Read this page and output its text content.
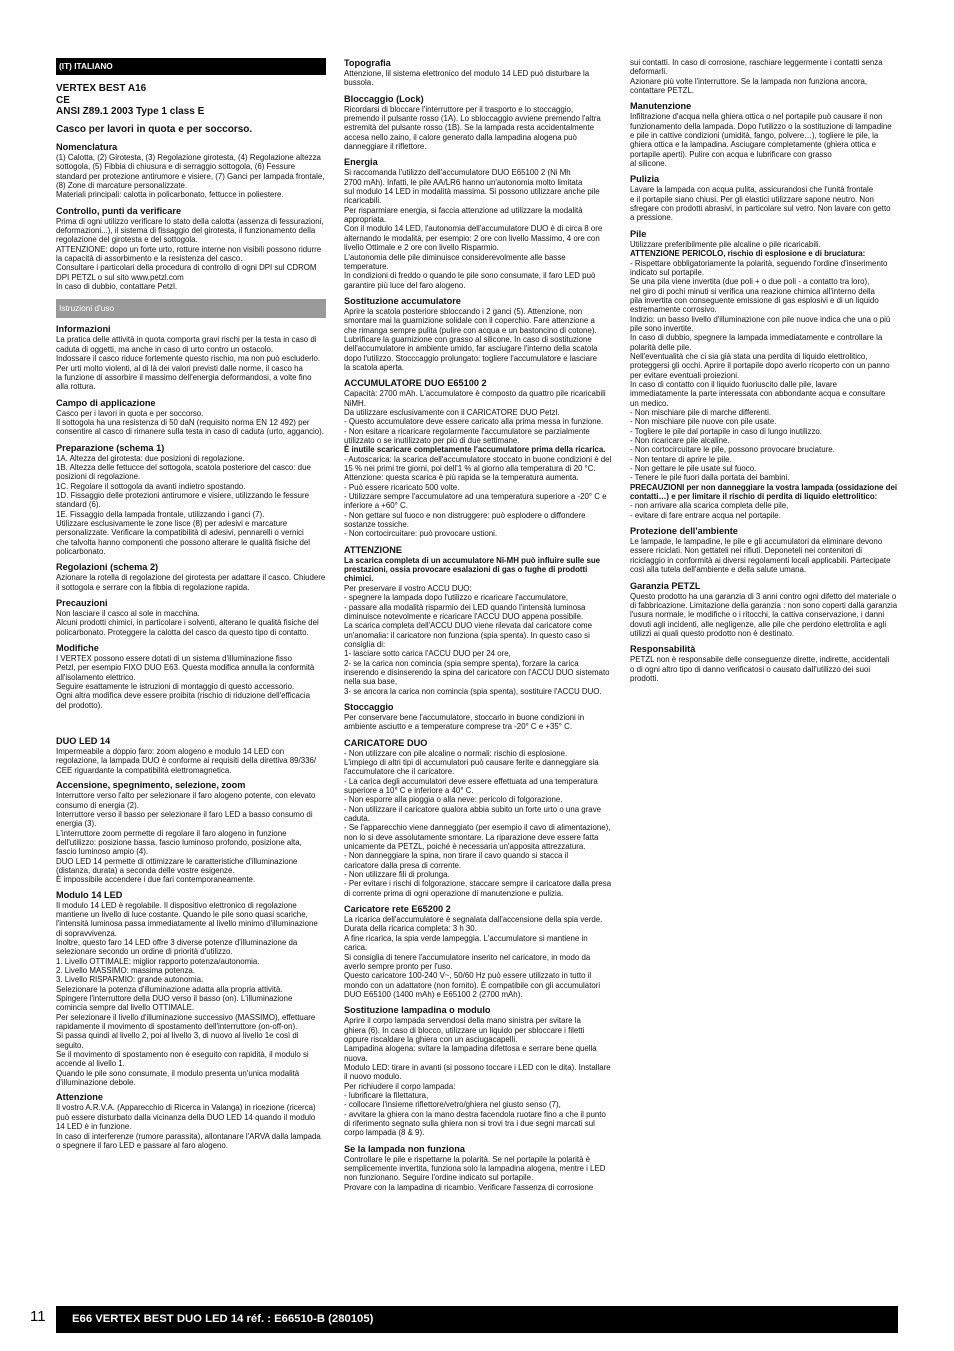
(IT) ITALIANO

VERTEX BEST A16

CE

ANSI Z89.1 2003 Type 1 class E

Casco per lavori in quota e per soccorso.

Nomenclatura

(1) Calotta, (2) Girotesta, (3) Regolazione girotesta, (4) Regolazione altezza
sottogola, (5) Fibbia di chiusura e di serraggio sottogola, (6) Fessure
standard per protezione antirumore e visiere, (7) Ganci per lampada frontale,
(8) Zone di marcature personalizzate.
Materiali principali: calotta in policarbonato, fettucce in poliestere.

Controllo, punti da verificare

Prima di ogni utilizzo verificare lo stato della calotta (assenza di fessurazioni,
deformazioni...), il sistema di fissaggio del girotesta, il funzionamento della
regolazione del girotesta e del sottogola.
ATTENZIONE: dopo un forte urto, rotture interne non visibili possono ridurre
la capacità di assorbimento e la resistenza del casco.
Consultare i particolari della procedura di controllo di ogni DPI sul CDROM
DPI PETZL o sul sito www.petzl.com
In caso di dubbio, contattare Petzl.

Istruzioni d'uso
Informazioni

La pratica delle attività in quota comporta gravi rischi per la testa in caso di
caduta di oggetti, ma anche in caso di urto contro un ostacolo.
Indossare il casco riduce fortemente questo rischio, ma non può escluderlo.
Per urti molto violenti, al di là dei valori previsti dalle norme, il casco ha
la funzione di assorbire il massimo dell'energia deformandosi, a volte fino
alla rottura.

Campo di applicazione

Casco per i lavori in quota e per soccorso.
Il sottogola ha una resistenza di 50 daN (requisito norma EN 12 492) per
consentire al casco di rimanere sulla testa in caso di caduta (urto, aggancio).

Preparazione (schema 1)

1A. Altezza del girotesta: due posizioni di regolazione.
1B. Altezza delle fettucce del sottogola, scatola posteriore del casco: due
posizioni di regolazione.
1C. Regolare il sottogola da avanti indietro spostando.
1D. Fissaggio delle protezioni antirumore e visiere, utilizzando le fessure
standard (6).
1E. Fissaggio della lampada frontale, utilizzando i ganci (7).
Utilizzare esclusivamente le zone lisce (8) per adesivi e marcature
personalizzate. Verificare la compatibilità di adesivi, pennarelli o vernici
che talvolta hanno componenti che possono alterare le qualità fisiche del
policarbonato.

Regolazioni (schema 2)

Azionare la rotella di regolazione del girotesta per adattare il casco. Chiudere
il sottogola e serrare con la fibbia di regolazione rapida.

Precauzioni

Non lasciare il casco al sole in macchina.
Alcuni prodotti chimici, in particolare i solventi, alterano le qualità fisiche del
policarbonato. Proteggere la calotta del casco da questo tipo di contatto.

Modifiche

I VERTEX possono essere dotati di un sistema d'illuminazione fisso
Petzl, per esempio FIXO DUO E63. Questa modifica annulla la conformità
all'isolamento elettrico.
Seguire esattamente le istruzioni di montaggio di questo accessorio.
Ogni altra modifica deve essere proibita (rischio di riduzione dell'efficacia
del prodotto).

DUO LED 14

Impermeabile a doppio faro: zoom alogeno e modulo 14 LED con
regolazione, la lampada DUO è conforme ai requisiti della direttiva 89/336/
CEE riguardante la compatibilità elettromagnetica.

Accensione, spegnimento, selezione, zoom

Interruttore verso l'alto per selezionare il faro alogeno potente, con elevato
consumo di energia (2).
Interruttore verso il basso per selezionare il faro LED a basso consumo di
energia (3).
L'interruttore zoom permette di regolare il faro alogeno in funzione
dell'utilizzo: posizione bassa, fascio luminoso profondo, posizione alta,
fascio luminoso ampio (4).
DUO LED 14 permette di ottimizzare le caratteristiche d'illuminazione
(distanza, durata) a seconda delle vostre esigenze.
È impossibile accendere i due fari contemporaneamente.

Modulo 14 LED

Il modulo 14 LED è regolabile. Il dispositivo elettronico di regolazione
mantiene un livello di luce costante. Quando le pile sono quasi scariche,
l'intensità luminosa passa immediatamente al livello minimo d'illuminazione
di sopravvivenza.
Inoltre, questo faro 14 LED offre 3 diverse potenze d'illuminazione da
selezionare secondo un ordine di priorità d'utilizzo.
1. Livello OTTIMALE: miglior rapporto potenza/autonomia.
2. Livello MASSIMO: massima potenza.
3. Livello RISPARMIO: grande autonomia.
Selezionare la potenza d'illuminazione adatta alla propria attività.
Spingere l'interruttore della DUO verso il basso (on). L'illuminazione
comincia sempre dal livello OTTIMALE.
Per selezionare il livello d'illuminazione successivo (MASSIMO), effettuare
rapidamente il movimento di spostamento dell'interruttore (on-off-on).
Si passa quindi al livello 2, poi al livello 3, di nuovo al livello 1e così di
seguito.
Se il movimento di spostamento non è eseguito con rapidità, il modulo si
accende al livello 1.
Quando le pile sono consumate, il modulo presenta un'unica modalità
d'illuminazione debole.

Attenzione

Il vostro A.R.V.A. (Apparecchio di Ricerca in Valanga) in ricezione (ricerca)
può essere disturbato dalla vicinanza della DUO LED 14 quando il modulo
14 LED è in funzione.
In caso di interferenze (rumore parassita), allontanare l'ARVA dalla lampada
o spegnere il faro LED e passare al faro alogeno.

Topografia

Attenzione, lil sistema elettronico del modulo 14 LED può disturbare la
bussola.

Bloccaggio (Lock)

Ricordarsi di bloccare l'interruttore per il trasporto e lo stoccaggio,
premendo il pulsante rosso (1A). Lo sbloccaggio avviene premendo l'altra
estremità del pulsante rosso (1B). Se la lampada resta accidentalmente
accesa nello zaino, il calore generato dalla lampadina alogena può
danneggiare il riflettore.

Energia

Si raccomanda l'utilizzo dell'accumulatore DUO E65100 2 (Ni Mh
2700 mAh). Infatti, le pile AA/LR6 hanno un'autonomia molto limitata
sul modulo 14 LED in modalità massima. Si possono utilizzare anche pile
ricaricabili.
Per risparmiare energia, si faccia attenzione ad utilizzare la modalità
appropriata.
Con il modulo 14 LED, l'autonomia dell'accumulatore DUO è di circa 8 ore
alternando le modalità, per esempio: 2 ore con livello Massimo, 4 ore con
livello Ottimale e 2 ore con livello Risparmio.
L'autonomia delle pile diminuisce considerevolmente alle basse temperature.
In condizioni di freddo o quando le pile sono consumate, il faro LED può
garantire più luce del faro alogeno.

Sostituzione accumulatore

Aprire la scatola posteriore sbloccando i 2 ganci (5). Attenzione, non
smontare mai la guarnizione solidale con il coperchio. Fare attenzione a
che rimanga sempre pulita (pulire con acqua e un bastoncino di cotone).
Lubrificare la guarnizione con grasso al silicone. In caso di sostituzione
dell'accumulatore in ambiente umido, far asciugare l'interno della scatola
dopo l'utilizzo. Stocccaggio prolungato: togliere l'accumulatore e lasciare
la scatola aperta.

ACCUMULATORE DUO E65100 2

Capacità: 2700 mAh. L'accumulatore è composto da quattro pile ricaricabili
NiMH.
Da utilizzare esclusivamente con il CARICATORE DUO Petzl.
- Questo accumulatore deve essere caricato alla prima messa in funzione.
- Non esitare a ricaricare regolarmente l'accumulatore se parzialmente
utilizzato o se inutilizzato per più di due settimane.

È inutile scaricare completamente l'accumulatore prima della ricarica.

- Autoscarica: la scarica dell'accumulatore stoccato in buone condizioni è del
15 % nei primi tre giorni, poi dell'1 % al giorno alla temperatura di 20 °C.
Attenzione: questa scarica è più rapida se la temperatura aumenta.
- Può essere ricaricato 500 volte.
- Utilizzare sempre l'accumulatore ad una temperatura superiore a -20° C e
inferiore a +60° C.
- Non gettare sul fuoco e non distruggere: può esplodere o diffondere
sostanze tossiche.
- Non cortocircuitare: può provocare ustioni.

ATTENZIONE

La scarica completa di un accumulatore Ni-MH può influire sulle sue
prestazioni, ossia provocare esalazioni di gas o fughe di prodotti chimici.

Per preservare il vostro ACCU DUO:
- spegnere la lampada dopo l'utilizzo e ricaricare l'accumulatore,
- passare alla modalità risparmio dei LED quando l'intensità luminosa
diminuisce notevolmente e ricaricare l'ACCU DUO appena possibile.
La scarica completa dell'ACCU DUO viene rilevata dal caricatore come
un'anomalia: il caricatore non funziona (spia spenta). In questo caso si
consiglia di:
1- lasciare sotto carica l'ACCU DUO per 24 ore,
2- se la carica non comincia (spia sempre spenta), forzare la carica
inserendo e disinserendo la spina del caricatore con l'ACCU DUO sistemato
nella sua base,
3- se ancora la carica non comincia (spia spenta), sostituire l'ACCU DUO.

Stoccaggio

Per conservare bene l'accumulatore, stoccarlo in buone condizioni in
ambiente asciutto e a temperature comprese tra -20° C e +35° C.

CARICATORE DUO

- Non utilizzare con pile alcaline o normali: rischio di esplosione.
L'impiego di altri tipi di accumulatori può causare ferite e danneggiare sia
l'accumulatore che il caricatore.
- La carica degli accumulatori deve essere effettuata ad una temperatura
superiore a 10° C e inferiore a 40° C.
- Non esporre alla pioggia o alla neve: pericolo di folgorazione.
- Non utilizzare il caricatore qualora abbia subito un forte urto o una grave
caduta.
- Se l'apparecchio viene danneggiato (per esempio il cavo di alimentazione),
non lo si deve assolutamente smontare. La riparazione deve essere fatta
unicamente da PETZL, poiché è necessaria un'apposita attrezzatura.
- Non danneggiare la spina, non tirare il cavo quando si stacca il
caricatore dalla presa di corrente.
- Non utilizzare fili di prolunga.
- Per evitare i rischi di folgorazione, staccare sempre il caricatore dalla presa
di corrente prima di ogni operazione di manutenzione e pulizia.

Caricatore rete E65200 2

La ricarica dell'accumulatore è segnalata dall'accensione della spia verde.
Durata della ricarica completa: 3 h 30.
A fine ricarica, la spia verde lampeggia. L'accumulatore si mantiene in carica.
Si consiglia di tenere l'accumulatore inserito nel caricatore, in modo da
averlo sempre pronto per l'uso.
Questo caricatore 100-240 V~, 50/60 Hz può essere utilizzato in tutto il
mondo con un adattatore (non fornito). È compatibile con gli accumulatori
DUO E65100 (1400 mAh) e E65100 2 (2700 mAh).

Sostituzione lampadina o modulo

Aprire il corpo lampada servendosi della mano sinistra per svitare la
ghiera (6). In caso di blocco, utilizzare un liquido per sbloccare i filetti
oppure riscaldare la ghiera con un asciugacapelli.
Lampadina alogena: svitare la lampadina difettosa e serrare bene quella
nuova.
Modulo LED: tirare in avanti (si possono toccare i LED con le dita). Installare
il nuovo modulo.
Per richiudere il corpo lampada:
- lubrificare la filettatura,
- collocare l'insieme riflettore/vetro/ghiera nel giusto senso (7),
- avvitare la ghiera con la mano destra facendola ruotare fino a che il punto
di riferimento segnato sulla ghiera non si trovi tra i due segni marcati sul
corpo lampada (8 & 9).

Se la lampada non funziona

Controllare le pile e rispettarne la polarità. Se nel portapile la polarità è
semplicemente invertita, funziona solo la lampadina alogena, mentre i LED
non funzionano. Seguire l'ordine indicato sul portapile.
Provare con la lampadina di ricambio. Verificare l'assenza di corrosione

sui contatti. In caso di corrosione, raschiare leggermente i contatti senza
deformarli.
Azionare più volte l'interruttore. Se la lampada non funziona ancora,
contattare PETZL.

Manutenzione

Infiltrazione d'acqua nella ghiera ottica o nel portapile può causare il non
funzionamento della lampada. Dopo l'utilizzo o la sostituzione di lampadine
e pile in cattive condizioni (umidità, fango, polvere…), togliere le pile, la
ghiera ottica e la lampadina. Asciugare completamente (ghiera ottica e
portapile aperti). Pulire con acqua e lubrificare con grasso
al silicone.

Pulizia

Lavare la lampada con acqua pulita, assicurandosi che l'unità frontale
e il portapile siano chiusi. Per gli elastici utilizzare sapone neutro. Non
sfregare con prodotti abrasivi, in particolare sul vetro. Non lavare con getto
a pressione.

Pile

Utilizzare preferibilmente pile alcaline o pile ricaricabili.

ATTENZIONE PERICOLO, rischio di esplosione e di bruciatura:

- Rispettare obbligatoriamente la polarità, seguendo l'ordine d'inserimento
indicato sul portapile.
Se una pila viene invertita (due poli + o due poli - a contatto tra loro),
nel giro di pochi minuti si verifica una reazione chimica all'interno della
pila invertita con conseguente emissione di gas esplosivi e di un liquido
estremamente corrosivo.
Indizio: un basso livello d'illuminazione con pile nuove indica che una o più
pile sono invertite.
In caso di dubbio, spegnere la lampada immediatamente e controllare la
polarità delle pile.
Nell'eventualità che ci sia già stata una perdita di liquido elettrolitico,
proteggersi gli occhi. Aprire il portapile dopo averlo ricoperto con un panno
per evitare eventuali proiezioni.
In caso di contatto con il liquido fuoriuscito dalle pile, lavare
immediatamente la parte interessata con abbondante acqua e consultare
un medico.
- Non mischiare pile di marche differenti.
- Non mischiare pile nuove con pile usate.
- Togliere le pile dal portapile in caso di lungo inutilizzo.
- Non ricaricare pile alcaline.
- Non cortocircuitare le pile, possono provocare bruciature.
- Non tentare di aprire le pile.
- Non gettare le pile usate sul fuoco.
- Tenere le pile fuori dalla portata dei bambini.

PRECAUZIONI per non danneggiare la vostra lampada (ossidazione dei
contatti…) e per limitare il rischio di perdita di liquido elettrolitico:

- non arrivare alla scarica completa delle pile,
- evitare di fare entrare acqua nel portapile.

Protezione dell'ambiente

Le lampade, le lampadine, le pile e gli accumulatori da eliminare devono
essere riciclati. Non gettateli nei rifiuti. Deponeteli nei contenitori di
riciclaggio in conformità ai diversi regolamenti locali applicabili. Partecipate
così alla tutela dell'ambiente e della salute umana.

Garanzia PETZL

Questo prodotto ha una garanzia di 3 anni contro ogni difetto del materiale o
di fabbricazione. Limitazione della garanzia : non sono coperti dalla garanzia
l'usura normale, le modifiche o i ritocchi, la cattiva conservazione, i danni
dovuti agli incidenti, alle negligenze, alle pile che perdono elettrolita e agli
utilizzi ai quali questo prodotto non è destinato.

Responsabilità

PETZL non è responsabile delle conseguenze dirette, indirette, accidentali
o di ogni altro tipo di danno verificatosi o causato dall'utilizzo dei suoi
prodotti.

11	E66 VERTEX BEST DUO LED 14 réf. : E66510-B (280105)
